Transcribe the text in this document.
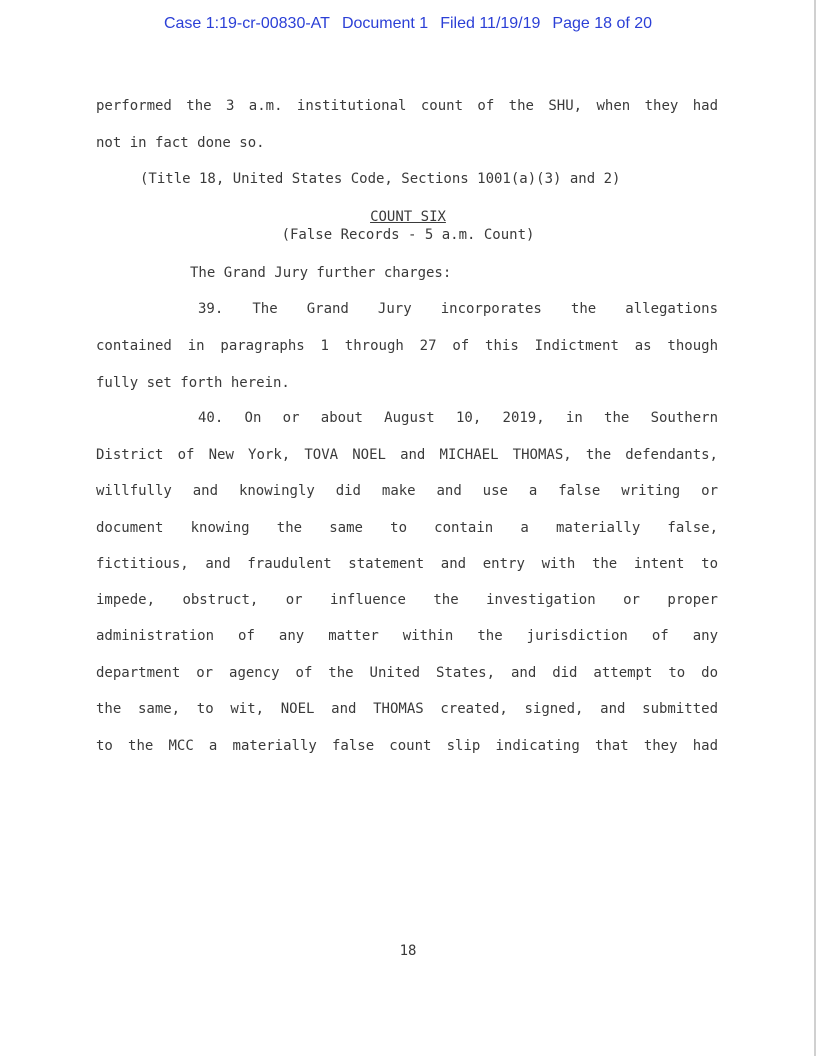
Case 1:19-cr-00830-AT Document 1 Filed 11/19/19 Page 18 of 20
performed the 3 a.m. institutional count of the SHU, when they had
not in fact done so.
(Title 18, United States Code, Sections 1001(a)(3) and 2)
COUNT SIX
(False Records - 5 a.m. Count)
The Grand Jury further charges:
39. The Grand Jury incorporates the allegations
contained in paragraphs 1 through 27 of this Indictment as though
fully set forth herein.
40. On or about August 10, 2019, in the Southern
District of New York, TOVA NOEL and MICHAEL THOMAS, the defendants,
willfully and knowingly did make and use a false writing or
document knowing the same to contain a materially false,
fictitious, and fraudulent statement and entry with the intent to
impede, obstruct, or influence the investigation or proper
administration of any matter within the jurisdiction of any
department or agency of the United States, and did attempt to do
the same, to wit, NOEL and THOMAS created, signed, and submitted
to the MCC a materially false count slip indicating that they had
18
